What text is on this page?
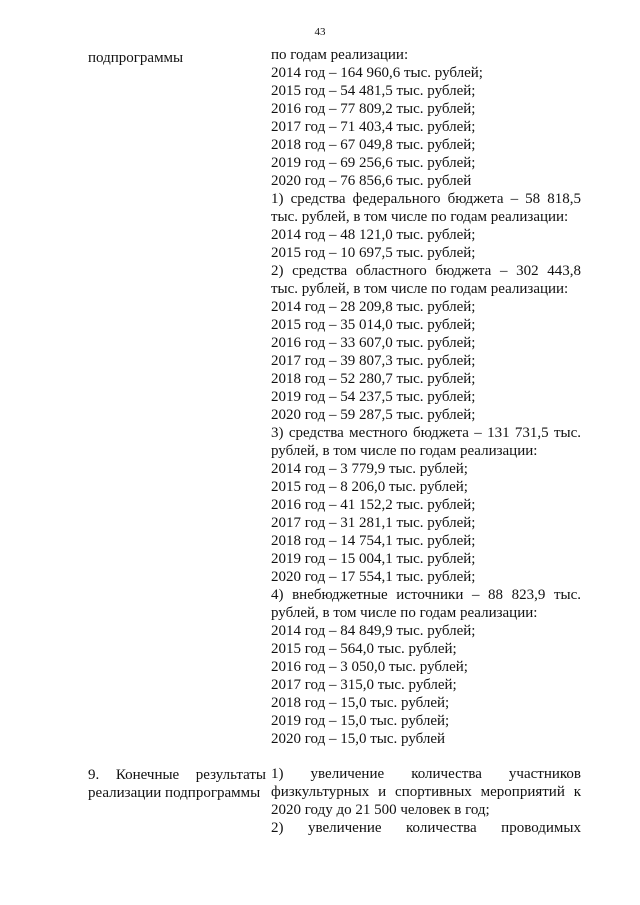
43
подпрограммы	по годам реализации:
2014 год – 164 960,6 тыс. рублей;
2015 год – 54 481,5 тыс. рублей;
2016 год – 77 809,2 тыс. рублей;
2017 год – 71 403,4 тыс. рублей;
2018 год – 67 049,8 тыс. рублей;
2019 год – 69 256,6 тыс. рублей;
2020 год – 76 856,6 тыс. рублей
1) средства федерального бюджета – 58 818,5
тыс. рублей, в том числе по годам реализации:
2014 год – 48 121,0 тыс. рублей;
2015 год – 10 697,5 тыс. рублей;
2) средства областного бюджета – 302 443,8
тыс. рублей, в том числе по годам реализации:
2014 год – 28 209,8 тыс. рублей;
2015 год – 35 014,0 тыс. рублей;
2016 год – 33 607,0 тыс. рублей;
2017 год – 39 807,3 тыс. рублей;
2018 год – 52 280,7 тыс. рублей;
2019 год – 54 237,5 тыс. рублей;
2020 год – 59 287,5 тыс. рублей;
3) средства местного бюджета – 131 731,5 тыс.
рублей, в том числе по годам реализации:
2014 год – 3 779,9 тыс. рублей;
2015 год – 8 206,0 тыс. рублей;
2016 год – 41 152,2 тыс. рублей;
2017 год – 31 281,1 тыс. рублей;
2018 год – 14 754,1 тыс. рублей;
2019 год – 15 004,1 тыс. рублей;
2020 год – 17 554,1 тыс. рублей;
4) внебюджетные источники – 88 823,9 тыс.
рублей, в том числе по годам реализации:
2014 год – 84 849,9 тыс. рублей;
2015 год – 564,0 тыс. рублей;
2016 год – 3 050,0 тыс. рублей;
2017 год – 315,0 тыс. рублей;
2018 год – 15,0 тыс. рублей;
2019 год – 15,0 тыс. рублей;
2020 год – 15,0 тыс. рублей
9. Конечные результаты
реализации подпрограммы
1) увеличение количества участников
физкультурных и спортивных мероприятий к
2020 году до 21 500 человек в год;
2) увеличение количества проводимых
